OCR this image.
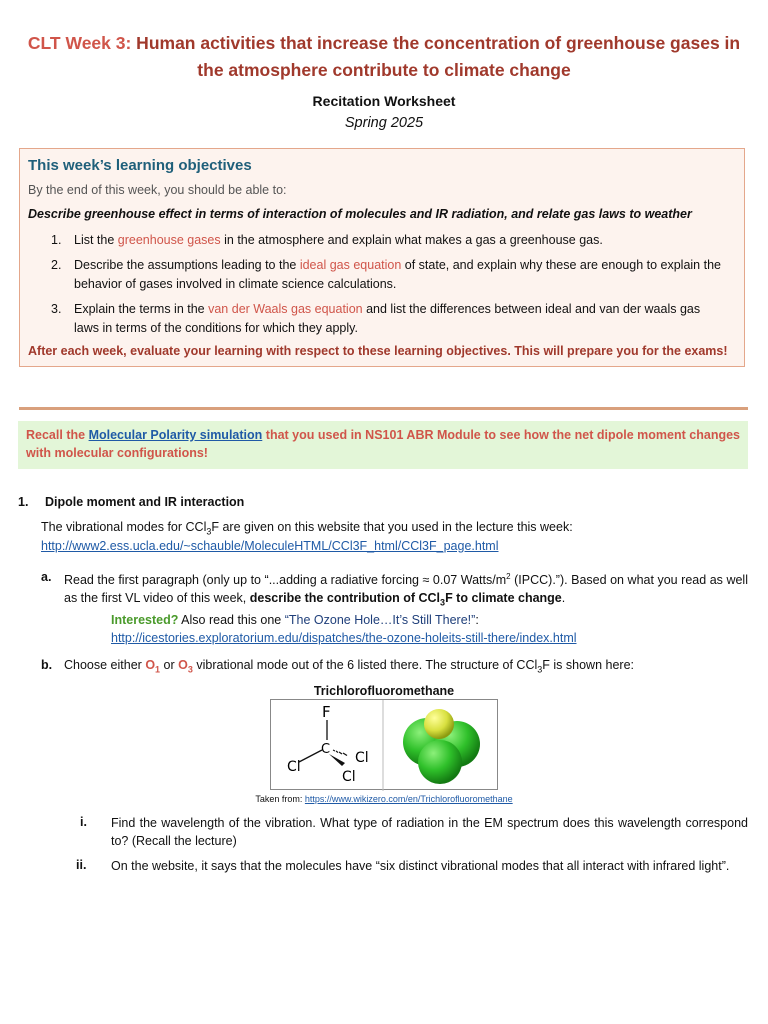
CLT Week 3: Human activities that increase the concentration of greenhouse gases in the atmosphere contribute to climate change
Recitation Worksheet
Spring 2025
This week’s learning objectives
By the end of this week, you should be able to:
Describe greenhouse effect in terms of interaction of molecules and IR radiation, and relate gas laws to weather
1. List the greenhouse gases in the atmosphere and explain what makes a gas a greenhouse gas.
2. Describe the assumptions leading to the ideal gas equation of state, and explain why these are enough to explain the behavior of gases involved in climate science calculations.
3. Explain the terms in the van der Waals gas equation and list the differences between ideal and van der waals gas laws in terms of the conditions for which they apply.
After each week, evaluate your learning with respect to these learning objectives. This will prepare you for the exams!
Recall the Molecular Polarity simulation that you used in NS101 ABR Module to see how the net dipole moment changes with molecular configurations!
1. Dipole moment and IR interaction
The vibrational modes for CCl$_3$F are given on this website that you used in the lecture this week:
http://www2.ess.ucla.edu/~schauble/MoleculeHTML/CCl3F_html/CCl3F_page.html
a. Read the first paragraph (only up to “...adding a radiative forcing ≈ 0.07 Watts/$m^2$ (IPCC).”). Based on what you read as well as the first VL video of this week, describe the contribution of CCl$_3$F to climate change.
Interested? Also read this one “The Ozone Hole…It’s Still There!”:
http://icestories.exploratorium.edu/dispatches/the-ozone-holeits-still-there/index.html
b. Choose either $O_1$ or $O_3$ vibrational mode out of the 6 listed there. The structure of CCl$_3$F is shown here:
Trichlorofluoromethane
F
C
Cl
Cl
Cl
Taken from: https://www.wikizero.com/en/Trichlorofluoromethane
i. Find the wavelength of the vibration. What type of radiation in the EM spectrum does this wavelength correspond to? (Recall the lecture)
ii. On the website, it says that the molecules have “six distinct vibrational modes that all interact with infrared light”.
